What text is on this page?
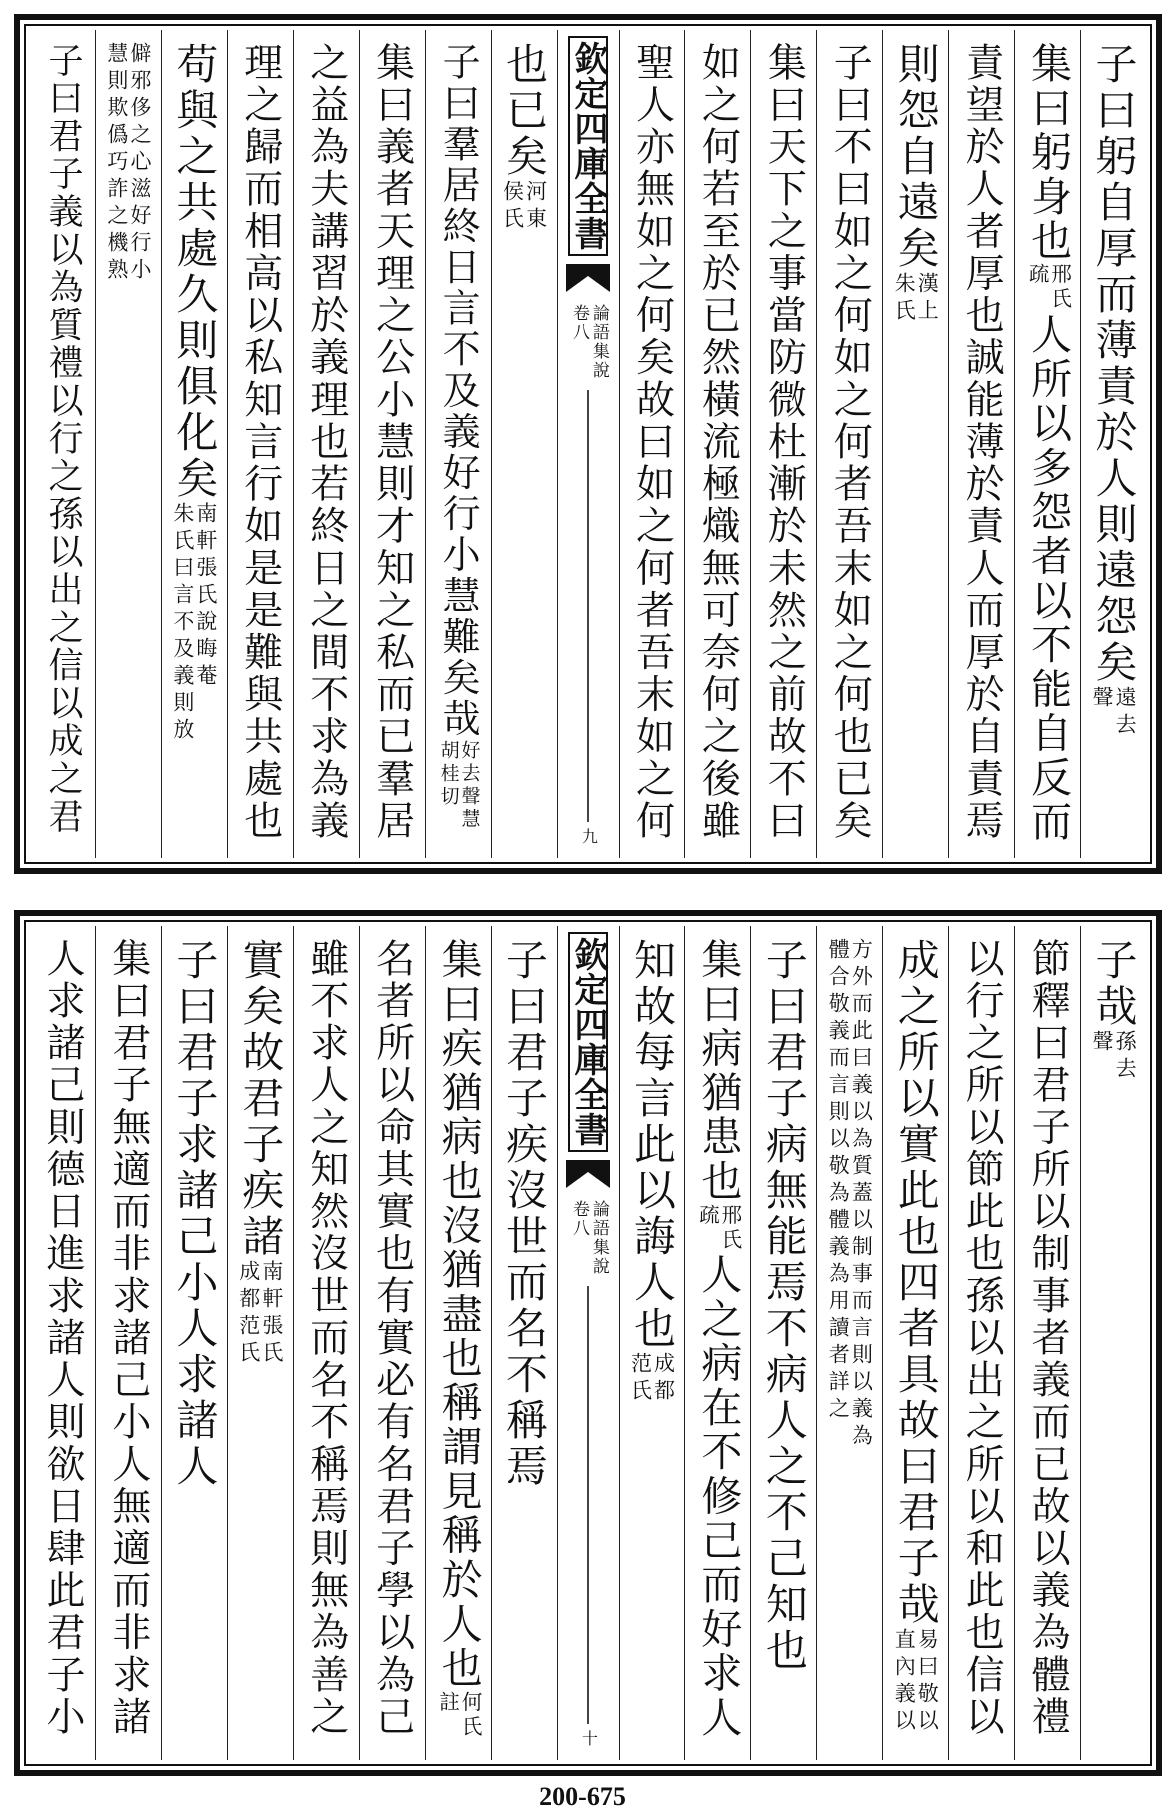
子曰躬自厚而薄責於人則遠怨矣
遠去
聲
集曰躬身也
邢氏
疏
人所以多怨者以不能自反而
責望於人者厚也誠能薄於責人而厚於自責焉
則怨自遠矣
漢上
朱氏
子曰不曰如之何如之何者吾末如之何也已矣
集曰天下之事當防微杜漸於未然之前故不曰
如之何若至於已然橫流極熾無可奈何之後雖
聖人亦無如之何矣故曰如之何者吾末如之何
欽定四庫全書
論語集說
卷八
九
也已矣
河東
侯氏
子曰羣居終日言不及義好行小慧難矣哉
好去聲慧
胡桂切
集曰義者天理之公小慧則才知之私而已羣居
之益為夫講習於義理也若終日之間不求為義
理之歸而相高以私知言行如是是難與共處也
苟與之共處久則俱化矣
南軒張氏說晦菴
朱氏曰言不及義則放
僻邪侈之心滋好行小
慧則欺僞巧詐之機熟
子曰君子義以為質禮以行之孫以出之信以成之君
子哉
孫去
聲
節釋曰君子所以制事者義而已故以義為體禮
以行之所以節此也孫以出之所以和此也信以
成之所以實此也四者具故曰君子哉
易曰敬以
直內義以
方外而此曰義以為質蓋以制事而言則以義為
體合敬義而言則以敬為體義為用讀者詳之
子曰君子病無能焉不病人之不己知也
集曰病猶患也
邢氏
疏
人之病在不修己而好求人
知故每言此以誨人也
成都
范氏
欽定四庫全書
論語集說
卷八
十
子曰君子疾沒世而名不稱焉
集曰疾猶病也沒猶盡也稱謂見稱於人也
何氏
註
名者所以命其實也有實必有名君子學以為己
雖不求人之知然沒世而名不稱焉則無為善之
實矣故君子疾諸
南軒張氏
成都范氏
子曰君子求諸己小人求諸人
集曰君子無適而非求諸己小人無適而非求諸
人求諸己則德日進求諸人則欲日肆此君子小
200-675
